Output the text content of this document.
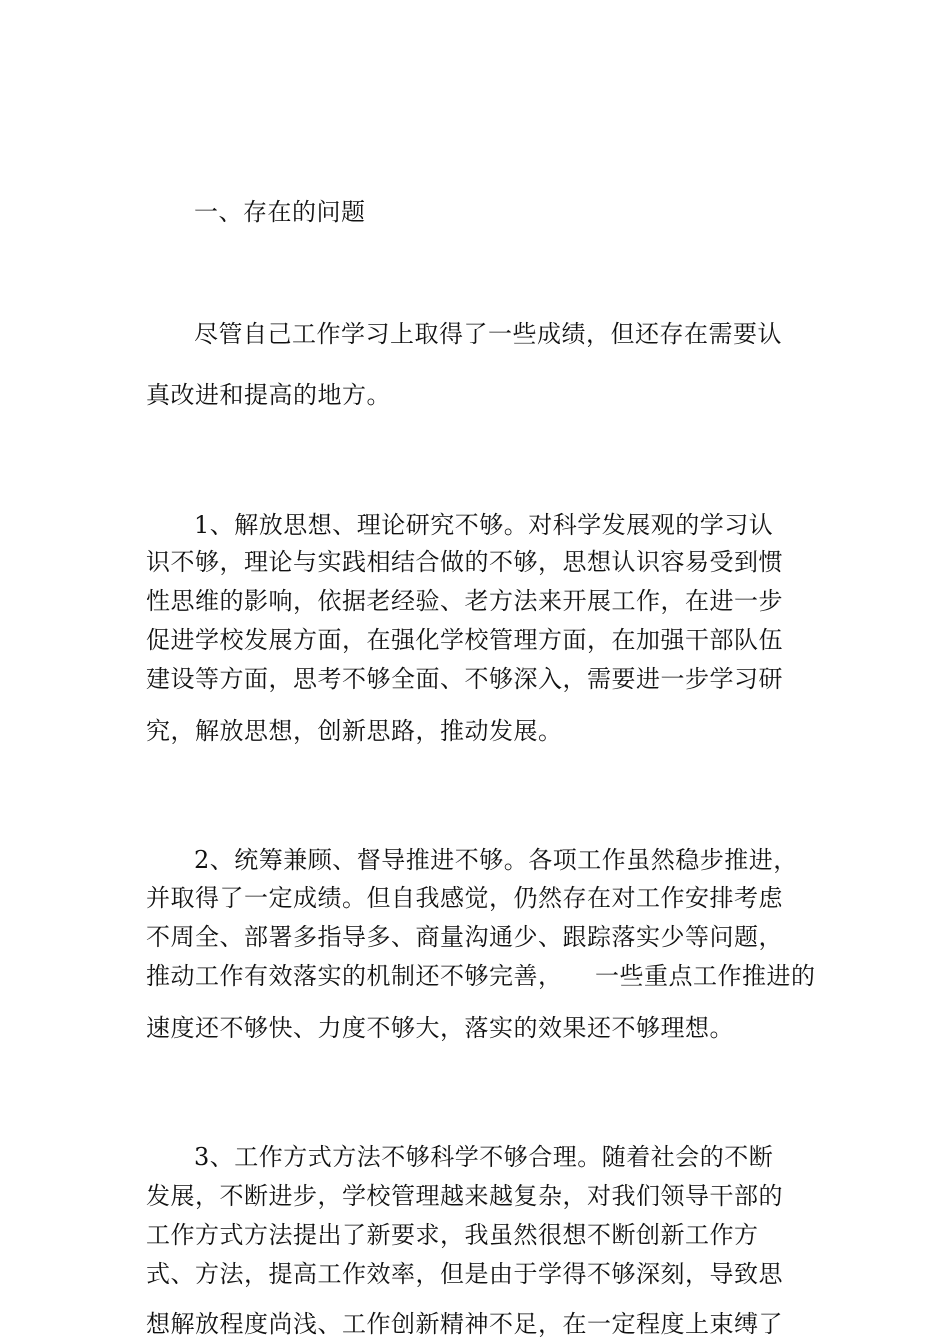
一、存在的问题
尽管自己工作学习上取得了一些成绩，但还存在需要认
真改进和提高的地方。
1、解放思想、理论研究不够。对科学发展观的学习认
识不够，理论与实践相结合做的不够，思想认识容易受到惯
性思维的影响，依据老经验、老方法来开展工作，在进一步
促进学校发展方面，在强化学校管理方面，在加强干部队伍
建设等方面，思考不够全面、不够深入，需要进一步学习研
究，解放思想，创新思路，推动发展。
2、统筹兼顾、督导推进不够。各项工作虽然稳步推进，
并取得了一定成绩。但自我感觉，仍然存在对工作安排考虑
不周全、部署多指导多、商量沟通少、跟踪落实少等问题，
推动工作有效落实的机制还不够完善，    一些重点工作推进的
速度还不够快、力度不够大，落实的效果还不够理想。
3、工作方式方法不够科学不够合理。随着社会的不断
发展，不断进步，学校管理越来越复杂，对我们领导干部的
工作方式方法提出了新要求，我虽然很想不断创新工作方
式、方法，提高工作效率，但是由于学得不够深刻，导致思
想解放程度尚浅、工作创新精神不足，在一定程度上束缚了
